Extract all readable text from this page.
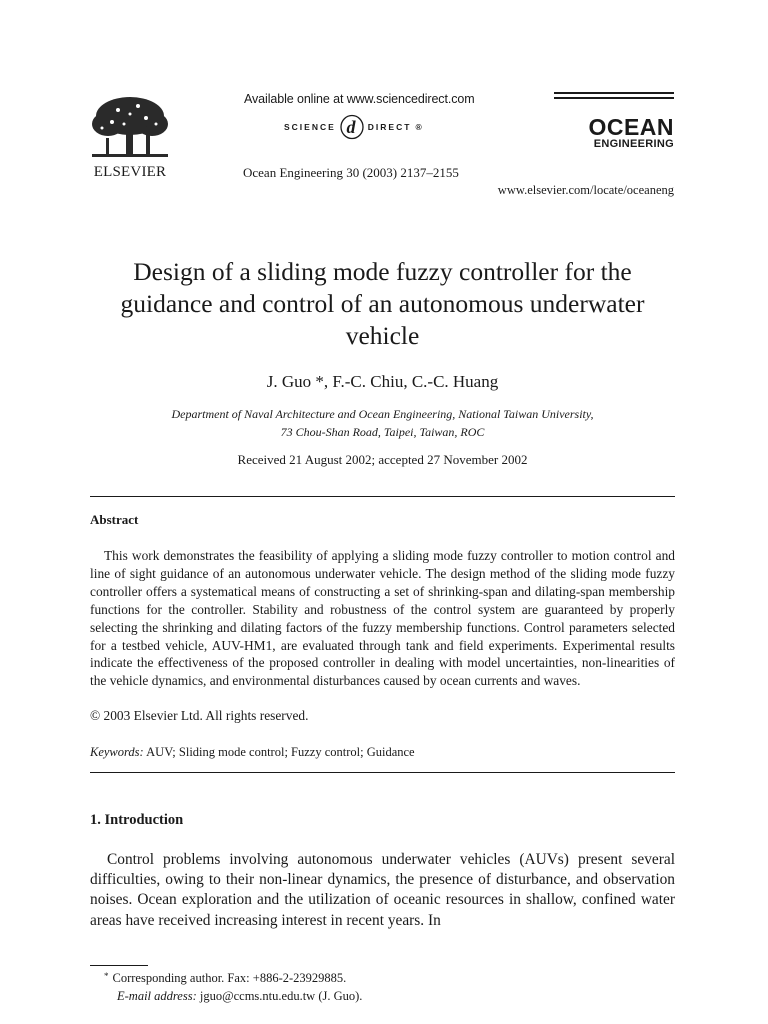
ELSEVIER
Available online at www.sciencedirect.com
SCIENCE d DIRECT ®
Ocean Engineering 30 (2003) 2137–2155
OCEAN
ENGINEERING
www.elsevier.com/locate/oceaneng
Design of a sliding mode fuzzy controller for the guidance and control of an autonomous underwater vehicle
J. Guo *, F.-C. Chiu, C.-C. Huang
Department of Naval Architecture and Ocean Engineering, National Taiwan University,
73 Chou-Shan Road, Taipei, Taiwan, ROC
Received 21 August 2002; accepted 27 November 2002
Abstract

This work demonstrates the feasibility of applying a sliding mode fuzzy controller to motion control and line of sight guidance of an autonomous underwater vehicle. The design method of the sliding mode fuzzy controller offers a systematical means of constructing a set of shrinking-span and dilating-span membership functions for the controller. Stability and robustness of the control system are guaranteed by properly selecting the shrinking and dilating factors of the fuzzy membership functions. Control parameters selected for a testbed vehicle, AUV-HM1, are evaluated through tank and field experiments. Experimental results indicate the effectiveness of the proposed controller in dealing with model uncertainties, non-linearities of the vehicle dynamics, and environmental disturbances caused by ocean currents and waves.

© 2003 Elsevier Ltd. All rights reserved.
Keywords: AUV; Sliding mode control; Fuzzy control; Guidance
1. Introduction

Control problems involving autonomous underwater vehicles (AUVs) present several difficulties, owing to their non-linear dynamics, the presence of disturbance, and observation noises. Ocean exploration and the utilization of oceanic resources in shallow, confined water areas have received increasing interest in recent years. In

* Corresponding author. Fax: +886-2-23929885.
E-mail address: jguo@ccms.ntu.edu.tw (J. Guo).
